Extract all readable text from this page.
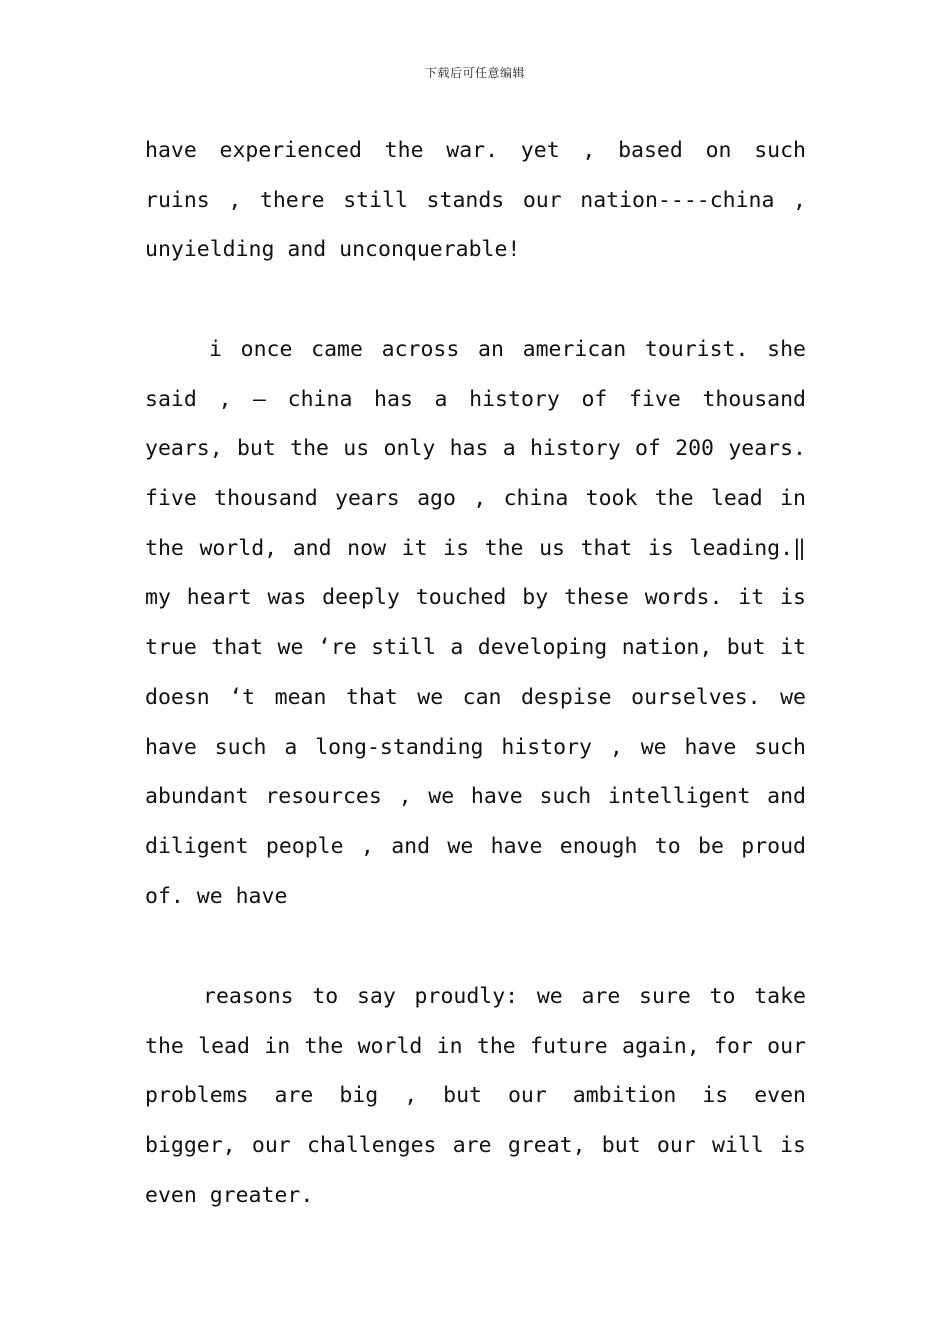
下载后可任意编辑
have experienced the war. yet , based on such
ruins , there still stands our nation----china ,
unyielding and unconquerable!
i once came across an american tourist. she
said , — china has a history of five thousand
years, but the us only has a history of 200 years.
five thousand years ago , china took the lead in
the world, and now it is the us that is leading.‖
my heart was deeply touched by these words. it is
true that we ‘re still a developing nation, but it
doesn ‘t mean that we can despise ourselves. we
have such a long-standing history , we have such
abundant resources , we have such intelligent and
diligent people , and we have enough to be proud
of. we have
reasons to say proudly: we are sure to take
the lead in the world in the future again, for our
problems are big , but our ambition is even
bigger, our challenges are great, but our will is
even greater.
